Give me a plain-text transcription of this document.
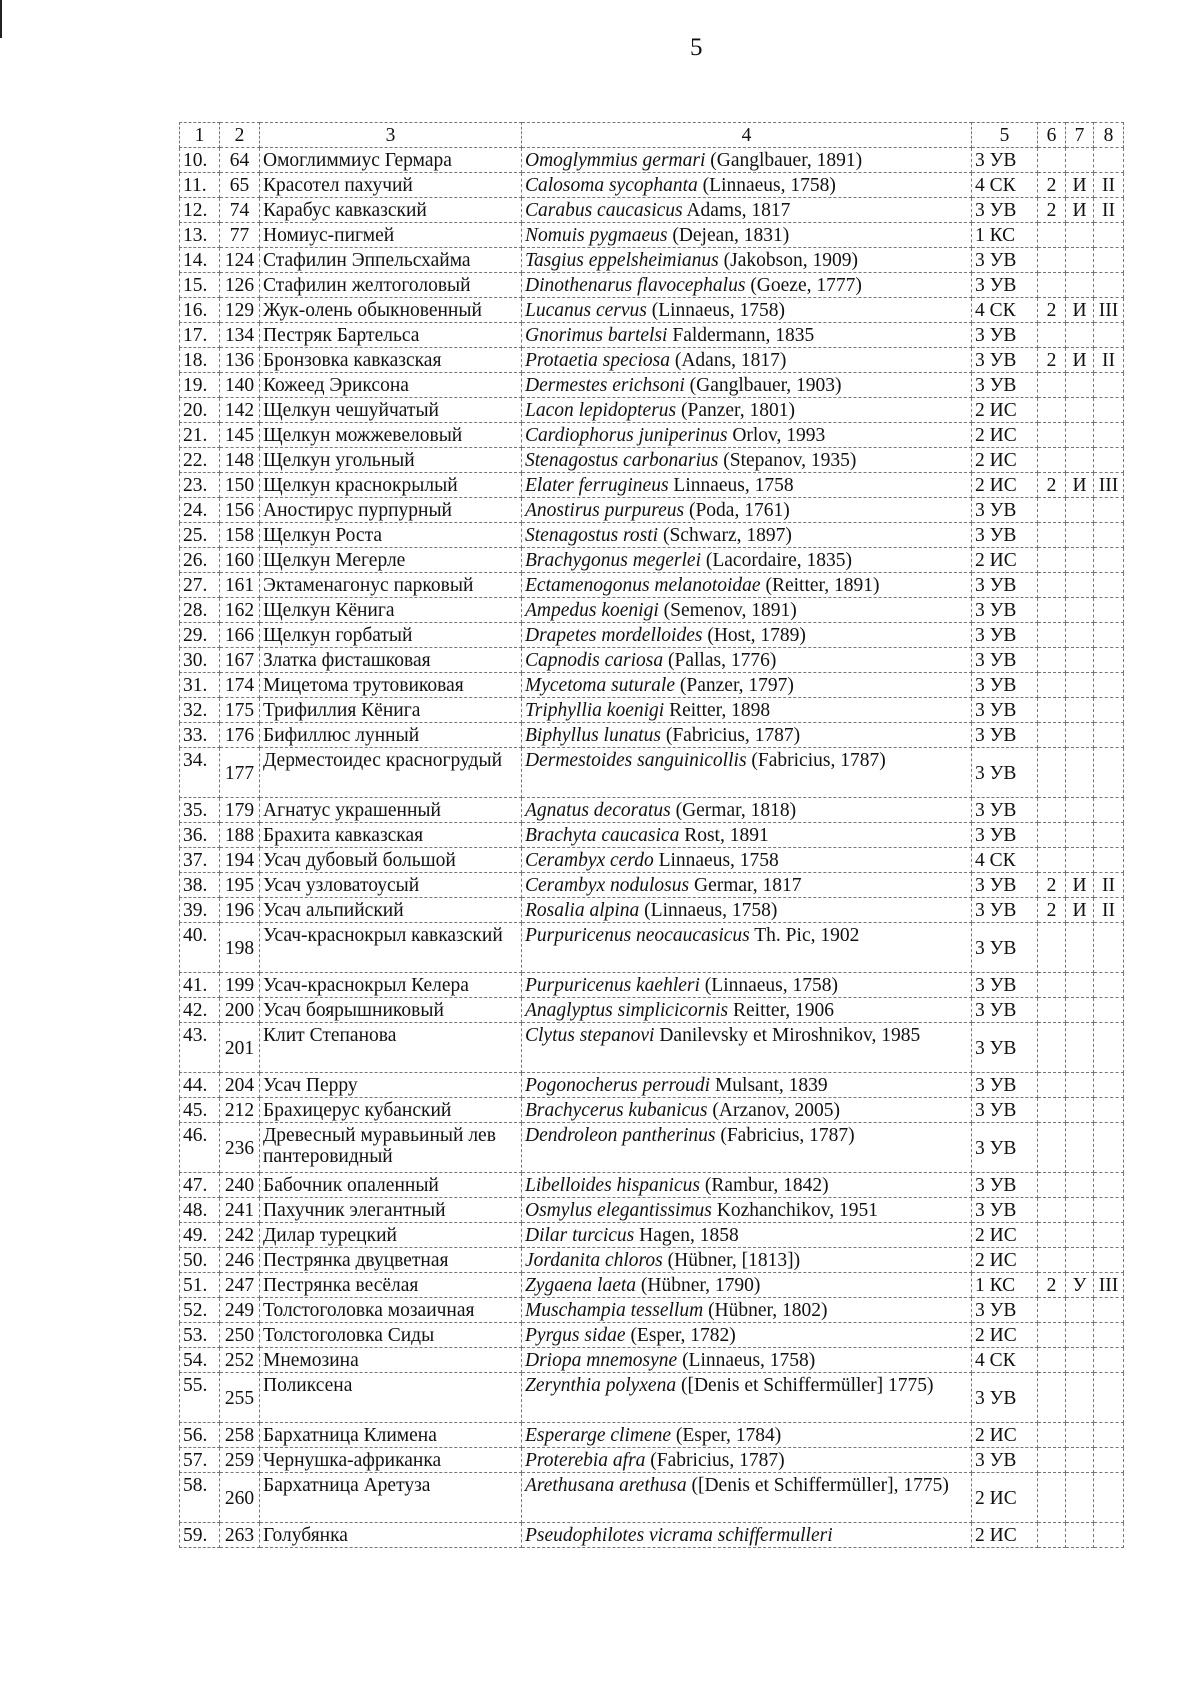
5
1	2	3	4	5	6	7	8
10.	64	Омоглиммиус Гермара	Omoglymmius germari (Ganglbauer, 1891)	3 УВ			
11.	65	Красотел пахучий	Calosoma sycophanta (Linnaeus, 1758)	4 СК	2	И	II
12.	74	Карабус кавказский	Carabus caucasicus Adams, 1817	3 УВ	2	И	II
13.	77	Номиус-пигмей	Nomuis pygmaeus (Dejean, 1831)	1 КС			
14.	124	Стафилин Эппельсхайма	Tasgius eppelsheimianus (Jakobson, 1909)	3 УВ			
15.	126	Стафилин желтоголовый	Dinothenarus flavocephalus (Goeze, 1777)	3 УВ			
16.	129	Жук-олень обыкновенный	Lucanus cervus (Linnaeus, 1758)	4 СК	2	И	III
17.	134	Пестряк Бартельса	Gnorimus bartelsi Faldermann, 1835	3 УВ			
18.	136	Бронзовка кавказская	Protaetia speciosa (Adans, 1817)	3 УВ	2	И	II
19.	140	Кожеед Эриксона	Dermestes erichsoni (Ganglbauer, 1903)	3 УВ			
20.	142	Щелкун чешуйчатый	Lacon lepidopterus (Panzer, 1801)	2 ИС			
21.	145	Щелкун можжевеловый	Cardiophorus juniperinus Orlov, 1993	2 ИС			
22.	148	Щелкун угольный	Stenagostus carbonarius (Stepanov, 1935)	2 ИС			
23.	150	Щелкун краснокрылый	Elater ferrugineus Linnaeus, 1758	2 ИС	2	И	III
24.	156	Аностирус пурпурный	Anostirus purpureus (Poda, 1761)	3 УВ			
25.	158	Щелкун Роста	Stenagostus rosti (Schwarz, 1897)	3 УВ			
26.	160	Щелкун Мегерле	Brachygonus megerlei (Lacordaire, 1835)	2 ИС			
27.	161	Эктаменагонус парковый	Ectamenogonus melanotoidae (Reitter, 1891)	3 УВ			
28.	162	Щелкун Кёнига	Ampedus koenigi (Semenov, 1891)	3 УВ			
29.	166	Щелкун горбатый	Drapetes mordelloides (Host, 1789)	3 УВ			
30.	167	Златка фисташковая	Capnodis cariosa (Pallas, 1776)	3 УВ			
31.	174	Мицетома трутовиковая	Mycetoma suturale (Panzer, 1797)	3 УВ			
32.	175	Трифиллия Кёнига	Triphyllia koenigi Reitter, 1898	3 УВ			
33.	176	Бифиллюс лунный	Biphyllus lunatus (Fabricius, 1787)	3 УВ			
34.	177	Дерместоидес красногрудый	Dermestoides sanguinicollis (Fabricius, 1787)	3 УВ			
35.	179	Агнатус украшенный	Agnatus decoratus (Germar, 1818)	3 УВ			
36.	188	Брахита кавказская	Brachyta caucasica Rost, 1891	3 УВ			
37.	194	Усач дубовый большой	Cerambyx cerdo Linnaeus, 1758	4 СК			
38.	195	Усач узловатоусый	Cerambyx nodulosus Germar, 1817	3 УВ	2	И	II
39.	196	Усач альпийский	Rosalia alpina (Linnaeus, 1758)	3 УВ	2	И	II
40.	198	Усач-краснокрыл кавказский	Purpuricenus neocaucasicus Th. Pic, 1902	3 УВ			
41.	199	Усач-краснокрыл Келера	Purpuricenus kaehleri (Linnaeus, 1758)	3 УВ			
42.	200	Усач боярышниковый	Anaglyptus simplicicornis Reitter, 1906	3 УВ			
43.	201	Клит Степанова	Clytus stepanovi Danilevsky et Miroshnikov, 1985	3 УВ			
44.	204	Усач Перру	Pogonocherus perroudi Mulsant, 1839	3 УВ			
45.	212	Брахицерус кубанский	Brachycerus kubanicus (Arzanov, 2005)	3 УВ			
46.	236	Древесный муравьиный лев пантеровидный	Dendroleon pantherinus (Fabricius, 1787)	3 УВ			
47.	240	Бабочник опаленный	Libelloides hispanicus (Rambur, 1842)	3 УВ			
48.	241	Пахучник элегантный	Osmylus elegantissimus Kozhanchikov, 1951	3 УВ			
49.	242	Дилар турецкий	Dilar turcicus Hagen, 1858	2 ИС			
50.	246	Пестрянка двуцветная	Jordanita chloros (Hübner, [1813])	2 ИС			
51.	247	Пестрянка весёлая	Zygaena laeta (Hübner, 1790)	1 КС	2	У	III
52.	249	Толстоголовка мозаичная	Muschampia tessellum (Hübner, 1802)	3 УВ			
53.	250	Толстоголовка Сиды	Pyrgus sidae (Esper, 1782)	2 ИС			
54.	252	Мнемозина	Driopa mnemosyne (Linnaeus, 1758)	4 СК			
55.	255	Поликсена	Zerynthia polyxena ([Denis et Schiffermüller] 1775)	3 УВ			
56.	258	Бархатница Климена	Esperarge climene (Esper, 1784)	2 ИС			
57.	259	Чернушка-африканка	Proterebia afra (Fabricius, 1787)	3 УВ			
58.	260	Бархатница Аретуза	Arethusana arethusa ([Denis et Schiffermüller], 1775)	2 ИС			
59.	263	Голубянка	Pseudophilotes vicrama schiffermulleri	2 ИС			
